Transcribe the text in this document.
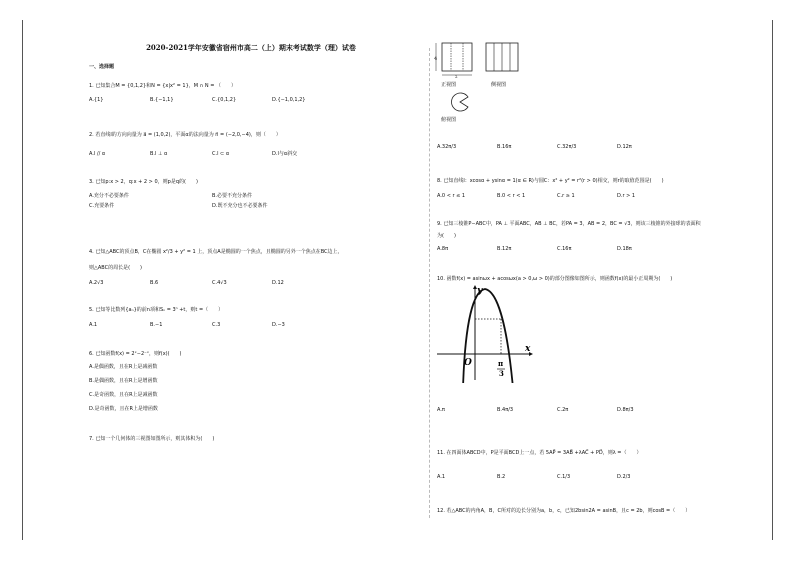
2020-2021学年安徽省宿州市高二（上）期末考试数学（理）试卷
一、选择题
1. 已知集合M = {0,1,2}和N = {x|x² = 1}，M ∩ N = （　　）
A.{1}	B.{−1,1}	C.{0,1,2}	D.{−1,0,1,2}
2. 若直线l的方向向量为 a⃗ = (1,0,2)，平面α的法向量为 n⃗ = (−2,0,−4)，则（　　）
A.l // α	B.l ⊥ α	C.l ⊂ α	D.l与α斜交
3. 已知p:x > 2，q:x + 2 > 0，则p是q的(　　)
A.充分不必要条件	B.必要不充分条件
C.充要条件	D.既不充分也不必要条件
4. 已知△ABC的顶点B，C在椭圆 x²/3 + y² = 1 上，顶点A是椭圆的一个焦点，且椭圆的另外一个焦点在BC边上，
则△ABC的周长是(　　)
A.2√3	B.6	C.4√3	D.12
5. 已知等比数列{aₙ}的前n项和Sₙ = 3ⁿ +t，则t =（　　）
A.1	B.−1	C.3	D.−3
6. 已知函数f(x) = 2ˣ−2⁻ˣ，则f(x)(　　)
A.是偶函数，且在R上是减函数
B.是偶函数，且在R上是增函数
C.是奇函数，且在R上是减函数
D.是奇函数，且在R上是增函数
7. 已知一个几何体的三视图如图所示，则其体积为(　　)
4
2
正视图	侧视图
俯视图
A.32π/3	B.16π	C.32π/3	D.12π
8. 已知直线l：xcosα + ysinα = 1(α ∈ R)与圆C：x² + y² = r²(r > 0)相交，则r的取值范围是(　　)
A.0 < r ≤ 1	B.0 < r < 1	C.r ≥ 1	D.r > 1
9. 已知三棱锥P−ABC中，PA ⊥ 平面ABC，AB ⊥ BC，若PA = 3，AB = 2，BC = √3，则该三棱锥的外接球的表面积
为(　　)
A.8π	B.12π	C.16π	D.18π
10. 函数f(x) = asinωx + acosωx(a > 0,ω > 0)的部分图像如图所示，则函数f(x)的最小正周期为(　　)
y
x
O	π
3
A.π	B.4π/3	C.2π	D.8π/3
11. 在四面体ABCD中，P是平面BCD上一点，若 5AP⃗ = 3AB⃗ +λAC⃗ + PD⃗，则λ =（　　）
A.1	B.2	C.1/3	D.2/3
12. 若△ABC的内角A，B，C所对的边长分别为a，b，c，已知2bsin2A = asinB，且c = 2b，则cosB =（　　）
